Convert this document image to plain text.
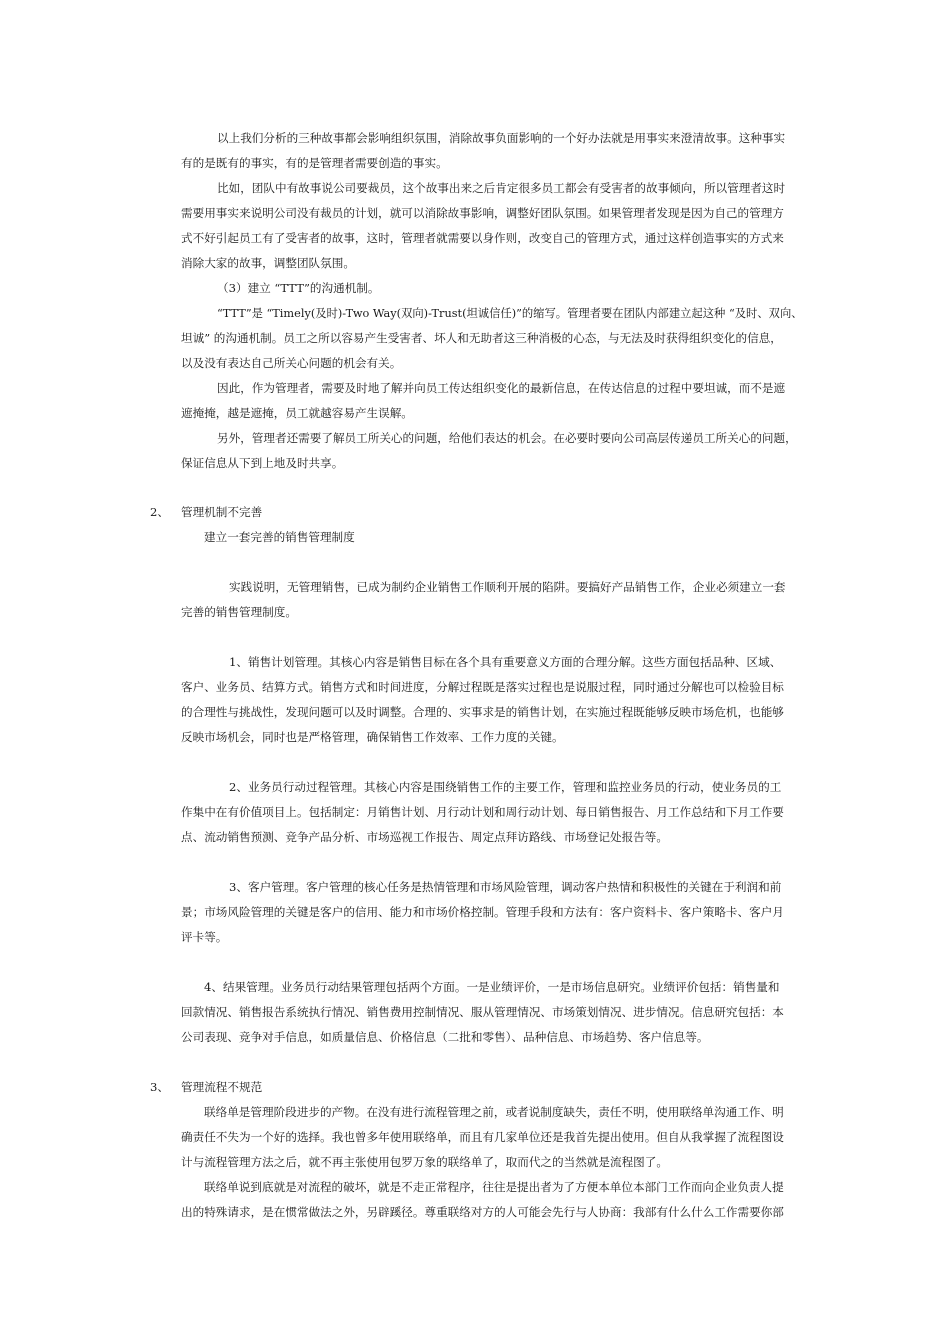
以上我们分析的三种故事都会影响组织氛围，消除故事负面影响的一个好办法就是用事实来澄清故事。这种事实
有的是既有的事实，有的是管理者需要创造的事实。
比如，团队中有故事说公司要裁员，这个故事出来之后肯定很多员工都会有受害者的故事倾向，所以管理者这时
需要用事实来说明公司没有裁员的计划，就可以消除故事影响，调整好团队氛围。如果管理者发现是因为自己的管理方
式不好引起员工有了受害者的故事，这时，管理者就需要以身作则，改变自己的管理方式，通过这样创造事实的方式来
消除大家的故事，调整团队氛围。
（3）建立 “TTT”的沟通机制。
“TTT”是 “Timely(及时)-Two Way(双向)-Trust(坦诚信任)”的缩写。管理者要在团队内部建立起这种 “及时、双向、
坦诚” 的沟通机制。员工之所以容易产生受害者、坏人和无助者这三种消极的心态，与无法及时获得组织变化的信息，
以及没有表达自己所关心问题的机会有关。
因此，作为管理者，需要及时地了解并向员工传达组织变化的最新信息，在传达信息的过程中要坦诚，而不是遮
遮掩掩，越是遮掩，员工就越容易产生误解。
另外，管理者还需要了解员工所关心的问题，给他们表达的机会。在必要时要向公司高层传递员工所关心的问题，
保证信息从下到上地及时共享。
2、 管理机制不完善
建立一套完善的销售管理制度
实践说明，无管理销售，已成为制约企业销售工作顺利开展的陷阱。要搞好产品销售工作，企业必须建立一套
完善的销售管理制度。
1、销售计划管理。其核心内容是销售目标在各个具有重要意义方面的合理分解。这些方面包括品种、区域、
客户、业务员、结算方式。销售方式和时间进度，分解过程既是落实过程也是说服过程，同时通过分解也可以检验目标
的合理性与挑战性，发现问题可以及时调整。合理的、实事求是的销售计划，在实施过程既能够反映市场危机，也能够
反映市场机会，同时也是严格管理，确保销售工作效率、工作力度的关键。
2、业务员行动过程管理。其核心内容是围绕销售工作的主要工作，管理和监控业务员的行动，使业务员的工
作集中在有价值项目上。包括制定：月销售计划、月行动计划和周行动计划、每日销售报告、月工作总结和下月工作要
点、流动销售预测、竞争产品分析、市场巡视工作报告、周定点拜访路线、市场登记处报告等。
3、客户管理。客户管理的核心任务是热情管理和市场风险管理，调动客户热情和积极性的关键在于利润和前
景；市场风险管理的关键是客户的信用、能力和市场价格控制。管理手段和方法有：客户资料卡、客户策略卡、客户月
评卡等。
4、结果管理。业务员行动结果管理包括两个方面。一是业绩评价，一是市场信息研究。业绩评价包括：销售量和
回款情况、销售报告系统执行情况、销售费用控制情况、服从管理情况、市场策划情况、进步情况。信息研究包括：本
公司表现、竞争对手信息，如质量信息、价格信息（二批和零售）、品种信息、市场趋势、客户信息等。
3、 管理流程不规范
联络单是管理阶段进步的产物。在没有进行流程管理之前，或者说制度缺失，责任不明，使用联络单沟通工作、明
确责任不失为一个好的选择。我也曾多年使用联络单，而且有几家单位还是我首先提出使用。但自从我掌握了流程图设
计与流程管理方法之后，就不再主张使用包罗万象的联络单了，取而代之的当然就是流程图了。
联络单说到底就是对流程的破坏，就是不走正常程序，往往是提出者为了方便本单位本部门工作而向企业负责人提
出的特殊请求，是在惯常做法之外，另辟蹊径。尊重联络对方的人可能会先行与人协商：我部有什么什么工作需要你部
